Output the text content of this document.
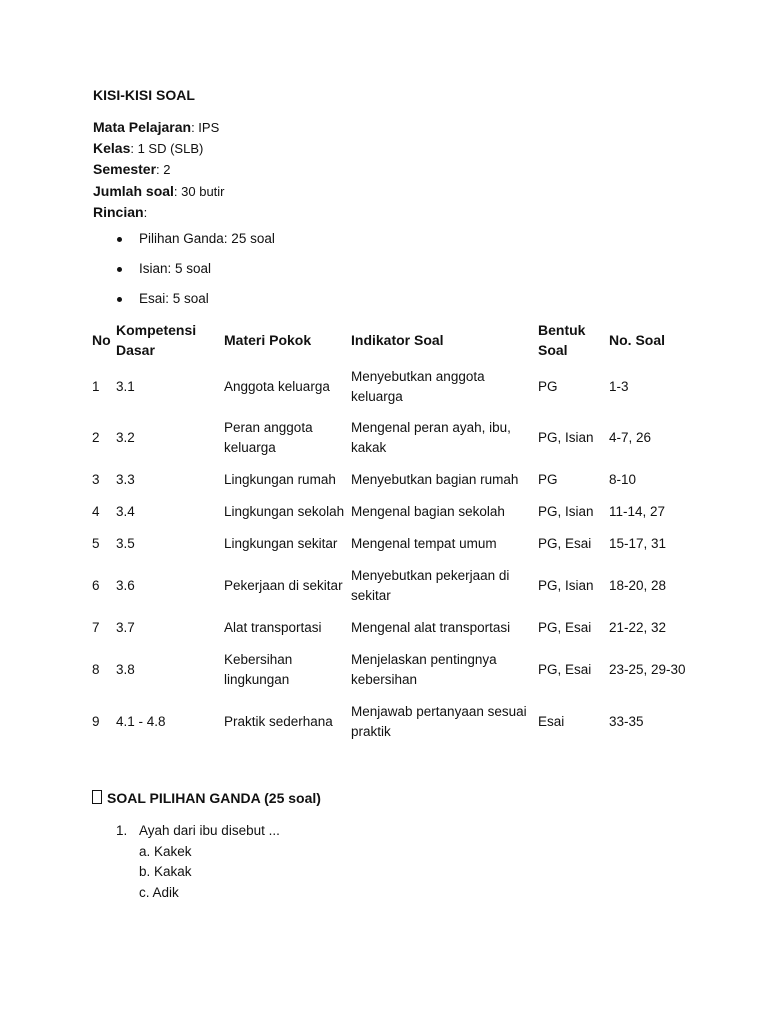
KISI-KISI SOAL
Mata Pelajaran: IPS
Kelas: 1 SD (SLB)
Semester: 2
Jumlah soal: 30 butir
Rincian:
Pilihan Ganda: 25 soal
Isian: 5 soal
Esai: 5 soal
No	Kompetensi Dasar	Materi Pokok	Indikator Soal	Bentuk Soal	No. Soal
1	3.1	Anggota keluarga	Menyebutkan anggota keluarga	PG	1-3
2	3.2	Peran anggota keluarga	Mengenal peran ayah, ibu, kakak	PG, Isian	4-7, 26
3	3.3	Lingkungan rumah	Menyebutkan bagian rumah	PG	8-10
4	3.4	Lingkungan sekolah	Mengenal bagian sekolah	PG, Isian	11-14, 27
5	3.5	Lingkungan sekitar	Mengenal tempat umum	PG, Esai	15-17, 31
6	3.6	Pekerjaan di sekitar	Menyebutkan pekerjaan di sekitar	PG, Isian	18-20, 28
7	3.7	Alat transportasi	Mengenal alat transportasi	PG, Esai	21-22, 32
8	3.8	Kebersihan lingkungan	Menjelaskan pentingnya kebersihan	PG, Esai	23-25, 29-30
9	4.1 - 4.8	Praktik sederhana	Menjawab pertanyaan sesuai praktik	Esai	33-35
SOAL PILIHAN GANDA (25 soal)
1. Ayah dari ibu disebut ...
a. Kakek
b. Kakak
c. Adik
